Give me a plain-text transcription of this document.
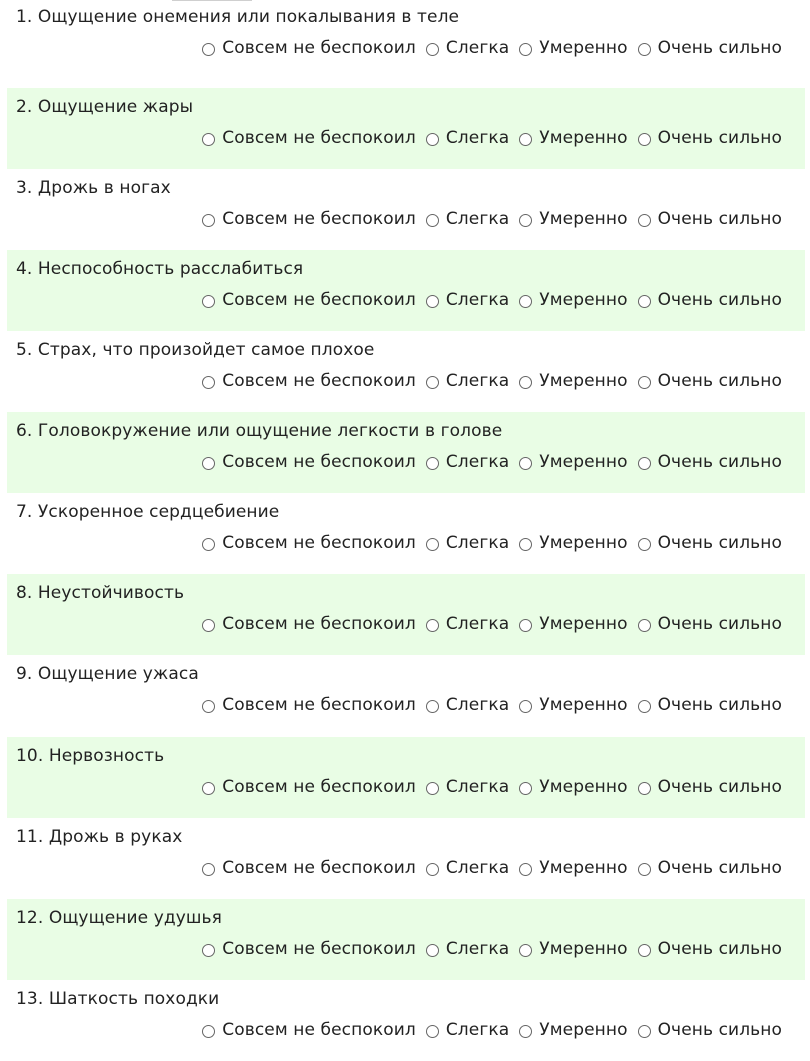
1. Ощущение онемения или покалывания в теле
Совсем не беспокоил Слегка Умеренно Очень сильно
2. Ощущение жары
Совсем не беспокоил Слегка Умеренно Очень сильно
3. Дрожь в ногах
Совсем не беспокоил Слегка Умеренно Очень сильно
4. Неспособность расслабиться
Совсем не беспокоил Слегка Умеренно Очень сильно
5. Страх, что произойдет самое плохое
Совсем не беспокоил Слегка Умеренно Очень сильно
6. Головокружение или ощущение легкости в голове
Совсем не беспокоил Слегка Умеренно Очень сильно
7. Ускоренное сердцебиение
Совсем не беспокоил Слегка Умеренно Очень сильно
8. Неустойчивость
Совсем не беспокоил Слегка Умеренно Очень сильно
9. Ощущение ужаса
Совсем не беспокоил Слегка Умеренно Очень сильно
10. Нервозность
Совсем не беспокоил Слегка Умеренно Очень сильно
11. Дрожь в руках
Совсем не беспокоил Слегка Умеренно Очень сильно
12. Ощущение удушья
Совсем не беспокоил Слегка Умеренно Очень сильно
13. Шаткость походки
Совсем не беспокоил Слегка Умеренно Очень сильно
